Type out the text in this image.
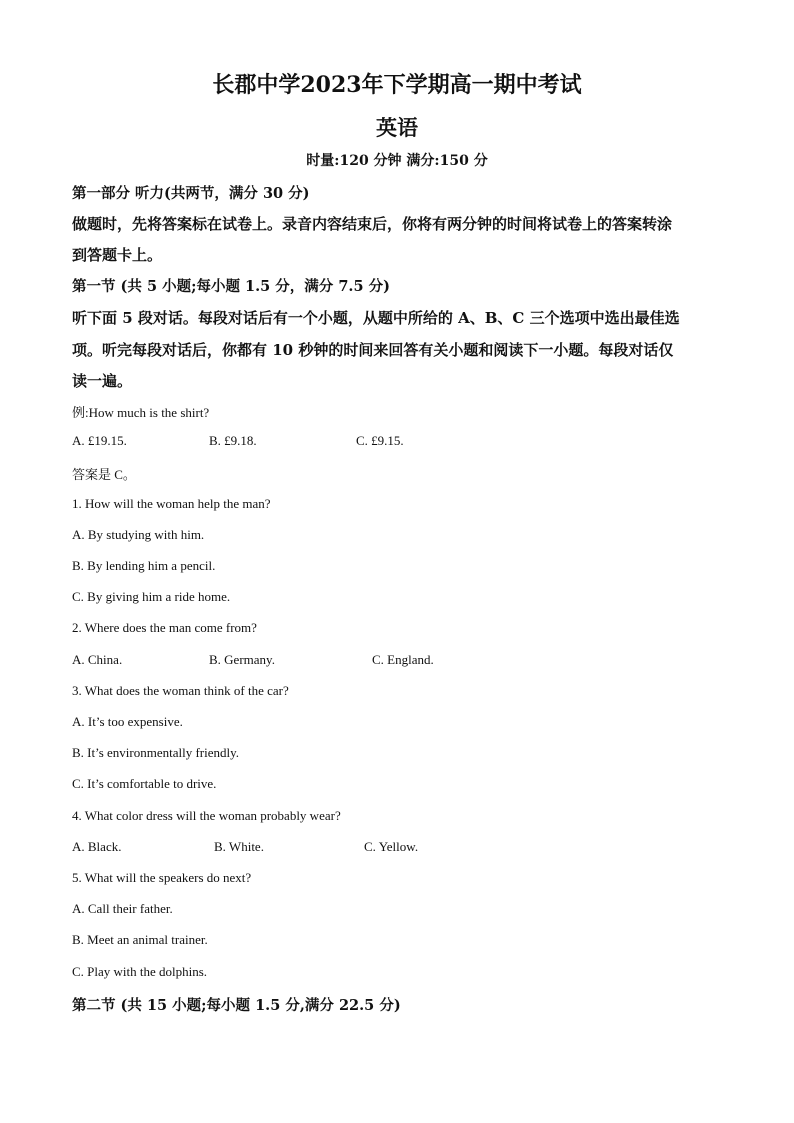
长郡中学2023年下学期高一期中考试
英语
时量:120 分钟 满分:150 分
第一部分 听力(共两节，满分 30 分)
做题时，先将答案标在试卷上。录音内容结束后，你将有两分钟的时间将试卷上的答案转涂
到答题卡上。
第一节 (共 5 小题;每小题 1.5 分，满分 7.5 分)
听下面 5 段对话。每段对话后有一个小题，从题中所给的 A、B、C 三个选项中选出最佳选
项。听完每段对话后，你都有 10 秒钟的时间来回答有关小题和阅读下一小题。每段对话仅
读一遍。
例:How much is the shirt?
A. £19.15.	B. £9.18.	C. £9.15.
答案是 C。
1. How will the woman help the man?
A. By studying with him.
B. By lending him a pencil.
C. By giving him a ride home.
2. Where does the man come from?
A. China.	B. Germany.	C. England.
3. What does the woman think of the car?
A. It’s too expensive.
B. It’s environmentally friendly.
C. It’s comfortable to drive.
4. What color dress will the woman probably wear?
A. Black.	B. White.	C. Yellow.
5. What will the speakers do next?
A. Call their father.
B. Meet an animal trainer.
C. Play with the dolphins.
第二节 (共 15 小题;每小题 1.5 分,满分 22.5 分)
